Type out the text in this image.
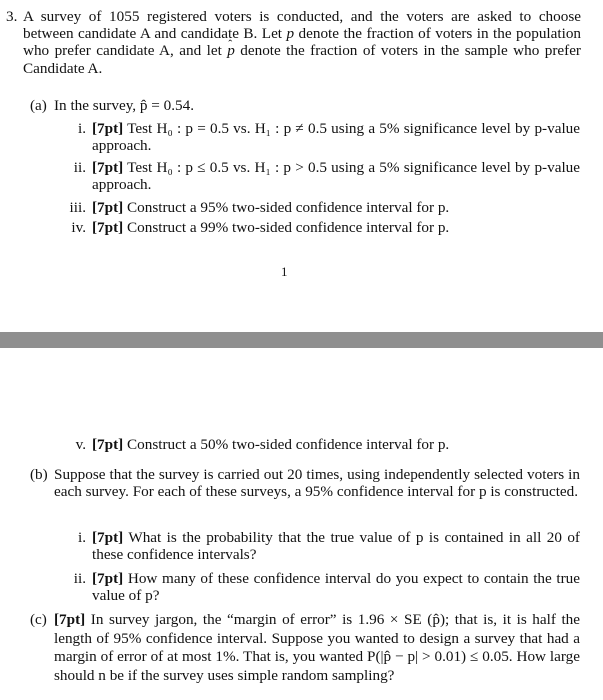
3. A survey of 1055 registered voters is conducted, and the voters are asked to choose between candidate A and candidate B. Let p denote the fraction of voters in the population who prefer candidate A, and let ˆ p denote the fraction of voters in the sample who prefer Candidate A.
(a) In the survey, p̂ = 0.54.
i. [7pt] Test H₀ : p = 0.5 vs. H₁ : p ≠ 0.5 using a 5% significance level by p-value approach.
ii. [7pt] Test H₀ : p ≤ 0.5 vs. H₁ : p > 0.5 using a 5% significance level by p-value approach.
iii. [7pt] Construct a 95% two-sided confidence interval for p.
iv. [7pt] Construct a 99% two-sided confidence interval for p.
1
v. [7pt] Construct a 50% two-sided confidence interval for p.
(b) Suppose that the survey is carried out 20 times, using independently selected voters in each survey. For each of these surveys, a 95% confidence interval for p is constructed.
i. [7pt] What is the probability that the true value of p is contained in all 20 of these confidence intervals?
ii. [7pt] How many of these confidence interval do you expect to contain the true value of p?
(c) [7pt] In survey jargon, the “margin of error” is 1.96 × SE (p̂); that is, it is half the length of 95% confidence interval. Suppose you wanted to design a survey that had a margin of error of at most 1%. That is, you wanted P(|p̂ − p| > 0.01) ≤ 0.05. How large should n be if the survey uses simple random sampling?
